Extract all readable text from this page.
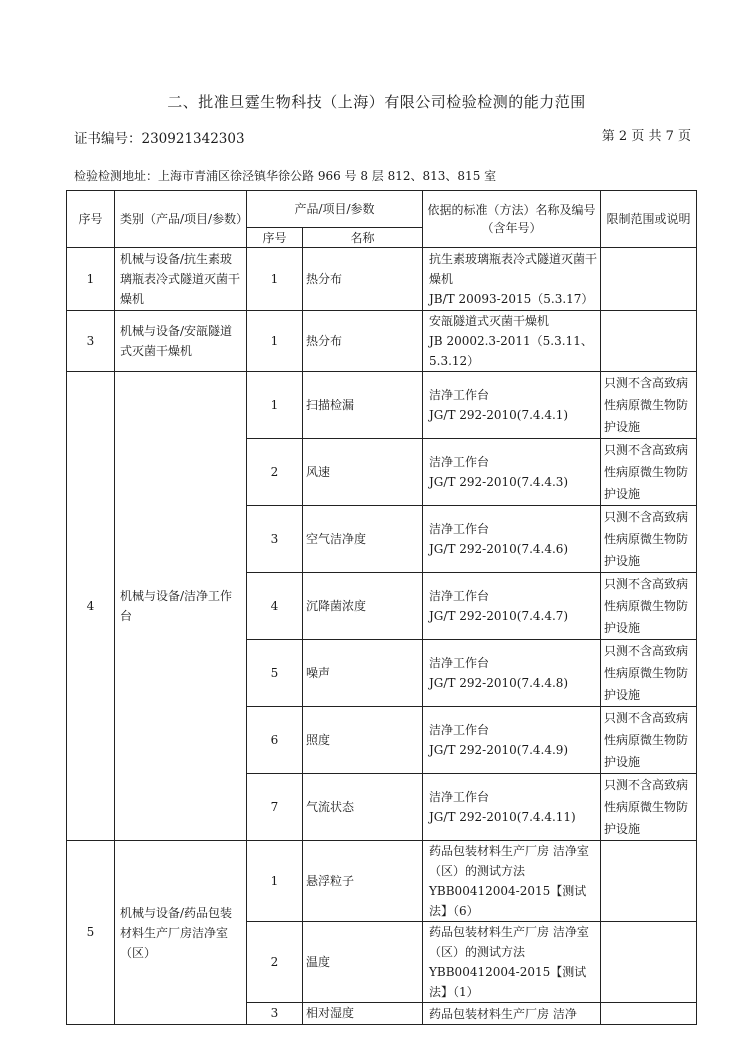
二、批准旦霆生物科技（上海）有限公司检验检测的能力范围
证书编号：230921342303	第 2 页 共 7 页
检验检测地址：上海市青浦区徐泾镇华徐公路 966 号 8 层 812、813、815 室
序号	类别（产品/项目/参数）	产品/项目/参数		依据的标准（方法）名称及编号（含年号）	限制范围或说明
		序号	名称		
1	机械与设备/抗生素玻璃瓶表冷式隧道灭菌干燥机	1	热分布	抗生素玻璃瓶表冷式隧道灭菌干燥机
JB/T 20093-2015（5.3.17）	
3	机械与设备/安瓿隧道式灭菌干燥机	1	热分布	安瓿隧道式灭菌干燥机
JB 20002.3-2011（5.3.11、5.3.12）	
4	机械与设备/洁净工作台	1	扫描检漏	洁净工作台
JG/T 292-2010(7.4.4.1)	只测不含高致病性病原微生物防护设施
		2	风速	洁净工作台
JG/T 292-2010(7.4.4.3)	只测不含高致病性病原微生物防护设施
		3	空气洁净度	洁净工作台
JG/T 292-2010(7.4.4.6)	只测不含高致病性病原微生物防护设施
		4	沉降菌浓度	洁净工作台
JG/T 292-2010(7.4.4.7)	只测不含高致病性病原微生物防护设施
		5	噪声	洁净工作台
JG/T 292-2010(7.4.4.8)	只测不含高致病性病原微生物防护设施
		6	照度	洁净工作台
JG/T 292-2010(7.4.4.9)	只测不含高致病性病原微生物防护设施
		7	气流状态	洁净工作台
JG/T 292-2010(7.4.4.11)	只测不含高致病性病原微生物防护设施
5	机械与设备/药品包装材料生产厂房洁净室（区）	1	悬浮粒子	药品包装材料生产厂房 洁净室（区）的测试方法
YBB00412004-2015【测试法】（6）	
		2	温度	药品包装材料生产厂房 洁净室（区）的测试方法
YBB00412004-2015【测试法】（1）	
		3	相对湿度	药品包装材料生产厂房 洁净	
